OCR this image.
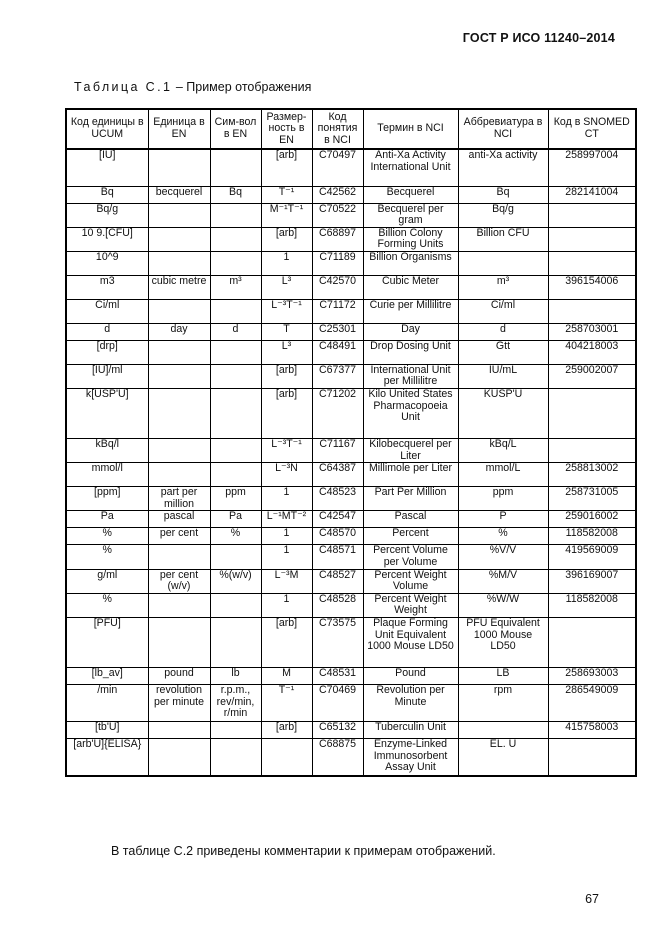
ГОСТ Р ИСО 11240–2014
Таблица С.1 – Пример отображения
Код единицы в UCUM	Единица в EN	Сим-вол в EN	Размер-ность в EN	Код понятия в NCI	Термин в NCI	Аббревиатура в NCI	Код в SNOMED CT
[IU]			[arb]	C70497	Anti-Xa Activity International Unit	anti-Xa activity	258997004
Bq	becquerel	Bq	T⁻¹	C42562	Becquerel	Bq	282141004
Bq/g			M⁻¹T⁻¹	C70522	Becquerel per gram	Bq/g	
10 9.[CFU]			[arb]	C68897	Billion Colony Forming Units	Billion CFU	
10^9			1	C71189	Billion Organisms		
m3	cubic metre	m³	L³	C42570	Cubic Meter	m³	396154006
Ci/ml			L⁻³T⁻¹	C71172	Curie per Millilitre	Ci/ml	
d	day	d	T	C25301	Day	d	258703001
[drp]			L³	C48491	Drop Dosing Unit	Gtt	404218003
[IU]/ml			[arb]	C67377	International Unit per Millilitre	IU/mL	259002007
k[USP'U]			[arb]	C71202	Kilo United States Pharmacopoeia Unit	KUSP'U	
kBq/l			L⁻³T⁻¹	C71167	Kilobecquerel per Liter	kBq/L	
mmol/l			L⁻³N	C64387	Millimole per Liter	mmol/L	258813002
[ppm]	part per million	ppm	1	C48523	Part Per Million	ppm	258731005
Pa	pascal	Pa	L⁻¹MT⁻²	C42547	Pascal	P	259016002
%	per cent	%	1	C48570	Percent	%	118582008
%			1	C48571	Percent Volume per Volume	%V/V	419569009
g/ml	per cent (w/v)	%(w/v)	L⁻³M	C48527	Percent Weight Volume	%M/V	396169007
%			1	C48528	Percent Weight Weight	%W/W	118582008
[PFU]			[arb]	C73575	Plaque Forming Unit Equivalent 1000 Mouse LD50	PFU Equivalent 1000 Mouse LD50	
[lb_av]	pound	lb	M	C48531	Pound	LB	258693003
/min	revolution per minute	r.p.m., rev/min, r/min	T⁻¹	C70469	Revolution per Minute	rpm	286549009
[tb'U]			[arb]	C65132	Tuberculin Unit		415758003
[arb'U]{ELISA}				C68875	Enzyme-Linked Immunosorbent Assay Unit	EL. U	
В таблице С.2 приведены комментарии к примерам отображений.
67
